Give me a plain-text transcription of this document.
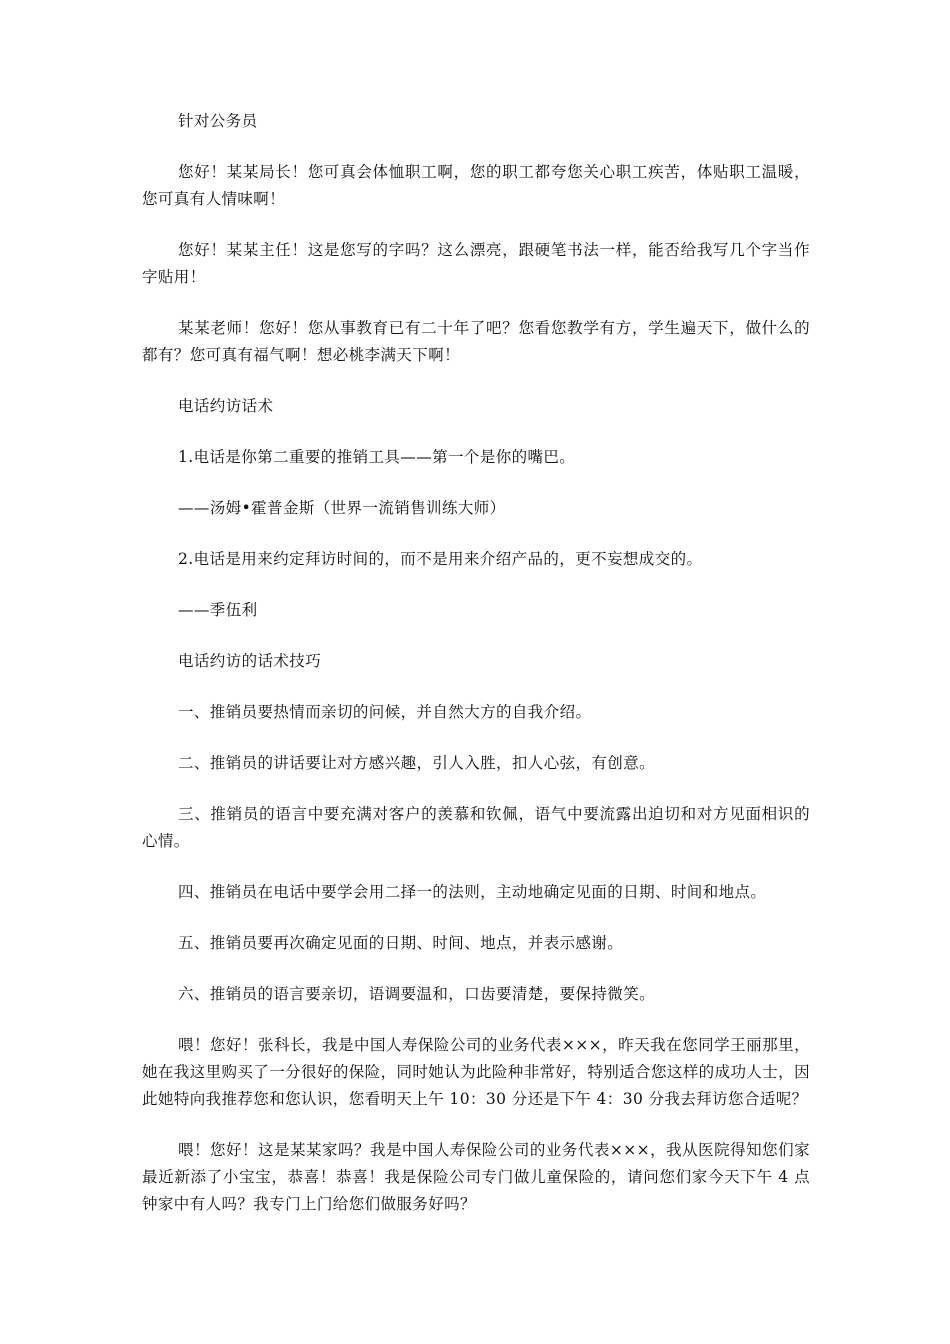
针对公务员

您好！某某局长！您可真会体恤职工啊，您的职工都夸您关心职工疾苦，体贴职工温暖，您可真有人情味啊！

您好！某某主任！这是您写的字吗？这么漂亮，跟硬笔书法一样，能否给我写几个字当作字贴用！

某某老师！您好！您从事教育已有二十年了吧？您看您教学有方，学生遍天下，做什么的都有？您可真有福气啊！想必桃李满天下啊！

电话约访话术

1.电话是你第二重要的推销工具——第一个是你的嘴巴。

——汤姆•霍普金斯（世界一流销售训练大师）

2.电话是用来约定拜访时间的，而不是用来介绍产品的，更不妄想成交的。

——季伍利

电话约访的话术技巧

一、推销员要热情而亲切的问候，并自然大方的自我介绍。

二、推销员的讲话要让对方感兴趣，引人入胜，扣人心弦，有创意。

三、推销员的语言中要充满对客户的羡慕和钦佩，语气中要流露出迫切和对方见面相识的心情。

四、推销员在电话中要学会用二择一的法则，主动地确定见面的日期、时间和地点。

五、推销员要再次确定见面的日期、时间、地点，并表示感谢。

六、推销员的语言要亲切，语调要温和，口齿要清楚，要保持微笑。

喂！您好！张科长，我是中国人寿保险公司的业务代表×××，昨天我在您同学王丽那里，她在我这里购买了一分很好的保险，同时她认为此险种非常好，特别适合您这样的成功人士，因此她特向我推荐您和您认识，您看明天上午 10：30 分还是下午 4：30 分我去拜访您合适呢？

喂！您好！这是某某家吗？我是中国人寿保险公司的业务代表×××，我从医院得知您们家最近新添了小宝宝，恭喜！恭喜！我是保险公司专门做儿童保险的，请问您们家今天下午 4 点钟家中有人吗？我专门上门给您们做服务好吗？
